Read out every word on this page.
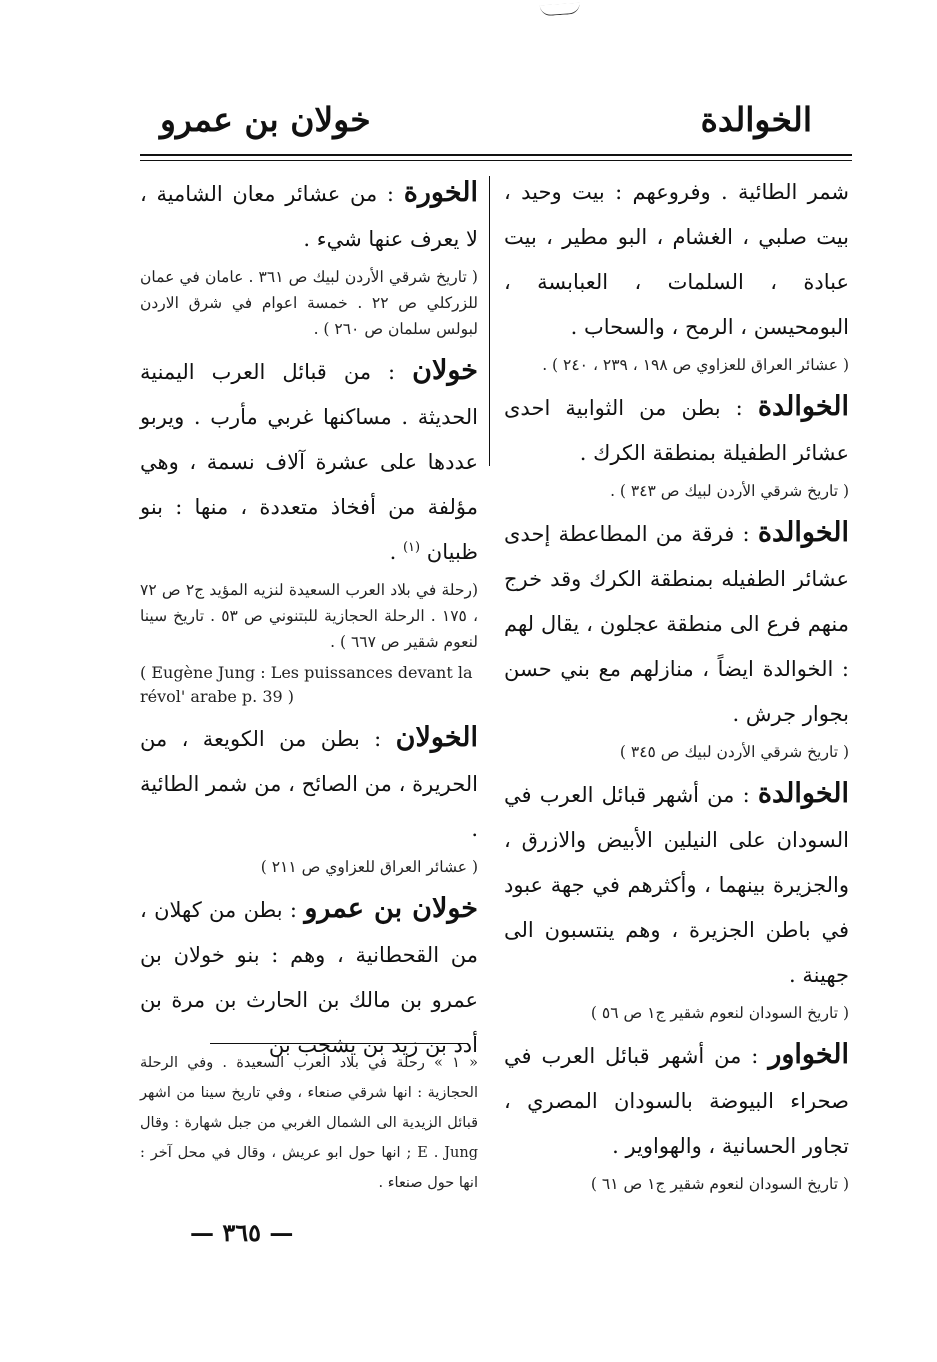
الخوالدة
خولان بن عمرو

شمر الطائية . وفروعهم : بيت وحيد ، بيت صلبي ، الغشام ، البو مطير ، بيت عبادة ، السلمات ، العبابسة ، البومحيسن ، الرمح ، والسحاب .

( عشائر العراق للعزاوي ص ١٩٨ ، ٢٣٩ ، ٢٤٠ ) .

الخوالدة : بطن من الثوابية احدى عشائر الطفيلة بمنطقة الكرك .

( تاريخ شرقي الأردن لبيك ص ٣٤٣ ) .

الخوالدة : فرقة من المطاعطة إحدى عشائر الطفيله بمنطقة الكرك وقد خرج منهم فرع الى منطقة عجلون ، يقال لهم : الخوالدة ايضاً ، منازلهم مع بني حسن بجوار جرش .

( تاريخ شرقي الأردن لبيك ص ٣٤٥ )

الخوالدة : من أشهر قبائل العرب في السودان على النيلين الأبيض والازرق ، والجزيرة بينهما ، وأكثرهم في جهة عبود في باطن الجزيرة ، وهم ينتسبون الى جهينة .

( تاريخ السودان لنعوم شقير ج١ ص ٥٦ )

الخواور : من أشهر قبائل العرب في صحراء البيوضة بالسودان المصري ، تجاور الحسانية ، والهواوير .

( تاريخ السودان لنعوم شقير ج١ ص ٦١ )

الخورة : من عشائر معان الشامية ، لا يعرف عنها شيء .

( تاريخ شرقي الأردن لبيك ص ٣٦١ . عامان في عمان للزركلي ص ٢٢ . خمسة اعوام في شرق الاردن لبولس سلمان ص ٢٦٠ ) .

خولان : من قبائل العرب اليمنية الحديثة . مساكنها غربي مأرب . ويربو عددها على عشرة آلاف نسمة ، وهي مؤلفة من أفخاذ متعددة ، منها : بنو ظبيان $^{(١)}$ .

(رحلة في بلاد العرب السعيدة لنزيه المؤيد ج٢ ص ٧٢ ، ١٧٥ . الرحلة الحجازية للبتنوني ص ٥٣ . تاريخ سينا لنعوم شقير ص ٦٦٧ ) .

( Eugène Jung : Les puissances devant la révol' arabe p. 39 )

الخولان : بطن من الكويعة ، من الحريرة ، من الصائح ، من شمر الطائية .

( عشائر العراق للعزاوي ص ٢١١ )

خولان بن عمرو : بطن من كهلان ، من القحطانية ، وهم : بنو خولان بن عمرو بن مالك بن الحارث بن مرة بن أدد بن زيد بن يشجب بن

« ١ » رحلة في بلاد العرب السعيدة . وفي الرحلة الحجازية : انها شرقي صنعاء ، وفي تاريخ سينا من اشهر قبائل الزيدية الى الشمال الغربي من جبل شهارة : وقال E . Jung ; انها حول ابو عريش ، وقال في محل آخر : انها حول صنعاء .
— ٣٦٥ —
